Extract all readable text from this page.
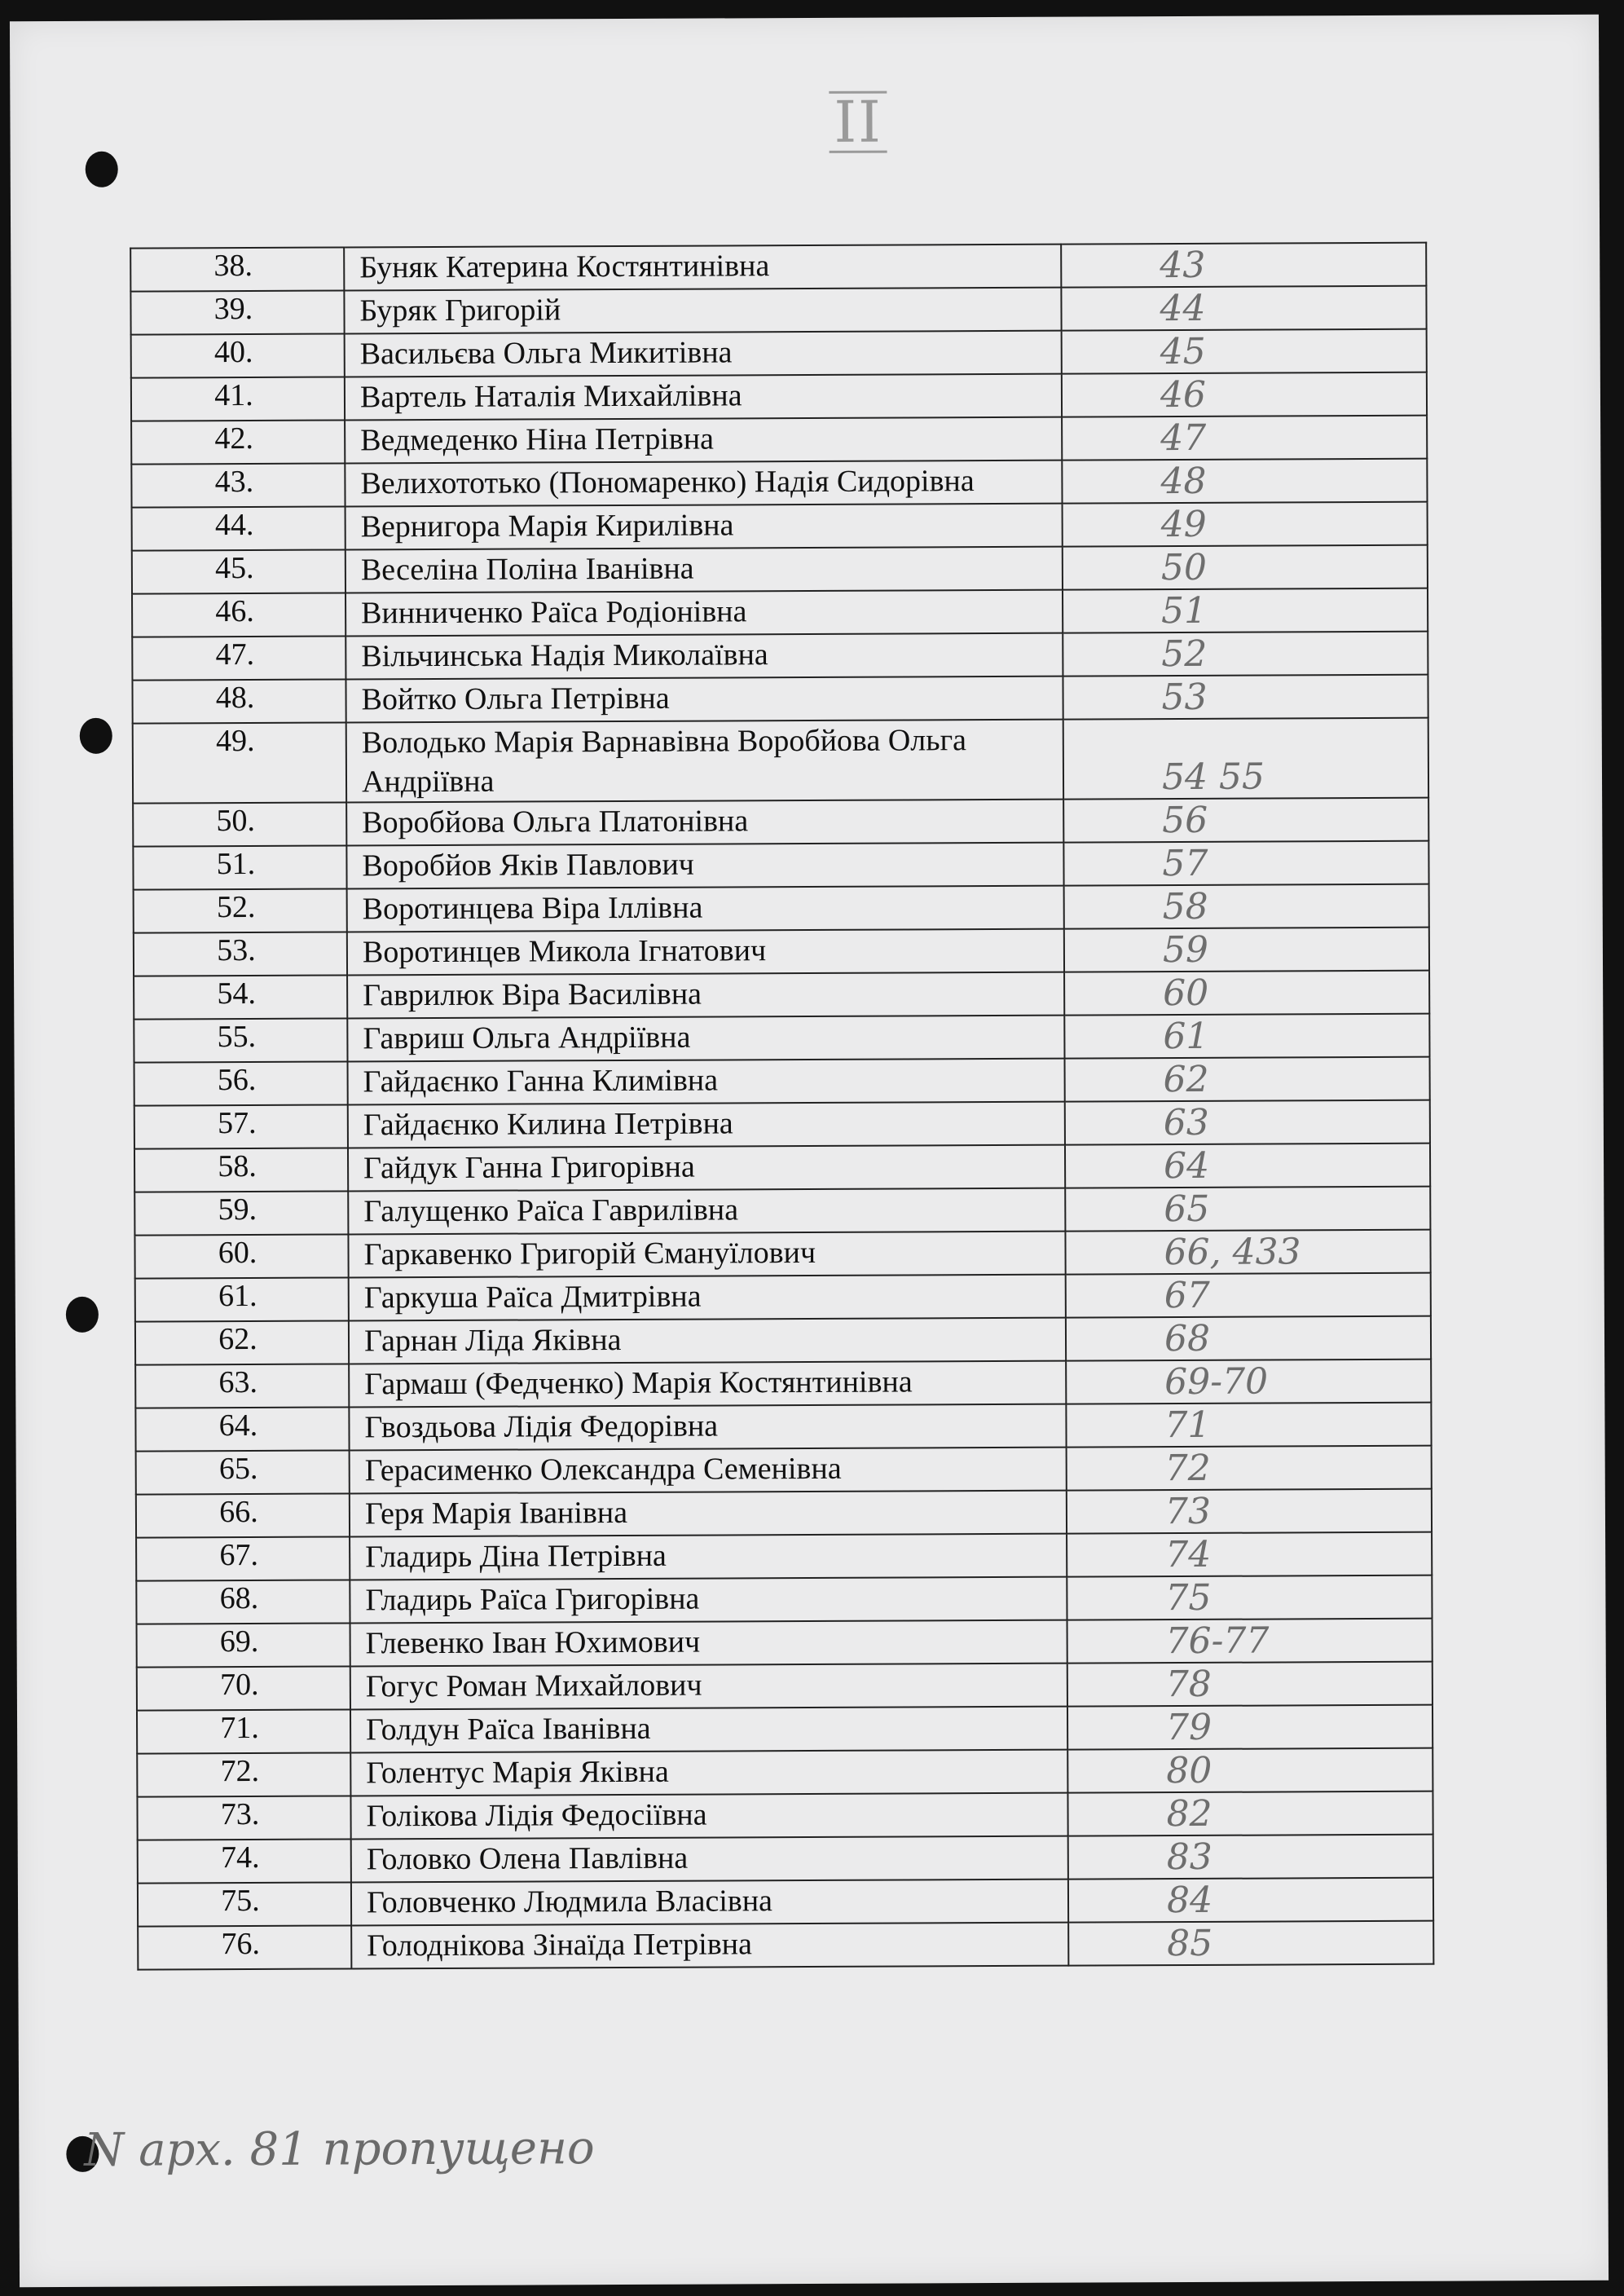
II
38.	Буняк Катерина Костянтинівна	43
39.	Буряк Григорій	44
40.	Васильєва Ольга Микитівна	45
41.	Вартель Наталія Михайлівна	46
42.	Ведмеденко Ніна Петрівна	47
43.	Велихототько (Пономаренко) Надія Сидорівна	48
44.	Вернигора Марія Кирилівна	49
45.	Веселіна Поліна Іванівна	50
46.	Винниченко Раїса Родіонівна	51
47.	Вільчинська Надія Миколаївна	52
48.	Войтко Ольга Петрівна	53
49.	Володько Марія Варнавівна Воробйова Ольга Андріївна	54 55
50.	Воробйова Ольга Платонівна	56
51.	Воробйов Яків Павлович	57
52.	Воротинцева Віра Іллівна	58
53.	Воротинцев Микола Ігнатович	59
54.	Гаврилюк Віра Василівна	60
55.	Гавриш Ольга Андріївна	61
56.	Гайдаєнко Ганна Климівна	62
57.	Гайдаєнко Килина Петрівна	63
58.	Гайдук Ганна Григорівна	64
59.	Галущенко Раїса Гаврилівна	65
60.	Гаркавенко Григорій Ємануїлович	66, 433
61.	Гаркуша Раїса Дмитрівна	67
62.	Гарнан Ліда Яківна	68
63.	Гармаш (Федченко) Марія Костянтинівна	69-70
64.	Гвоздьова Лідія Федорівна	71
65.	Герасименко Олександра Семенівна	72
66.	Геря Марія Іванівна	73
67.	Гладирь Діна Петрівна	74
68.	Гладирь Раїса Григорівна	75
69.	Глевенко Іван Юхимович	76-77
70.	Гогус Роман Михайлович	78
71.	Голдун Раїса Іванівна	79
72.	Голентус Марія Яківна	80
73.	Голікова Лідія Федосіївна	82
74.	Головко Олена Павлівна	83
75.	Головченко Людмила Власівна	84
76.	Голоднікова Зінаїда Петрівна	85
N арх. 81 пропущено
